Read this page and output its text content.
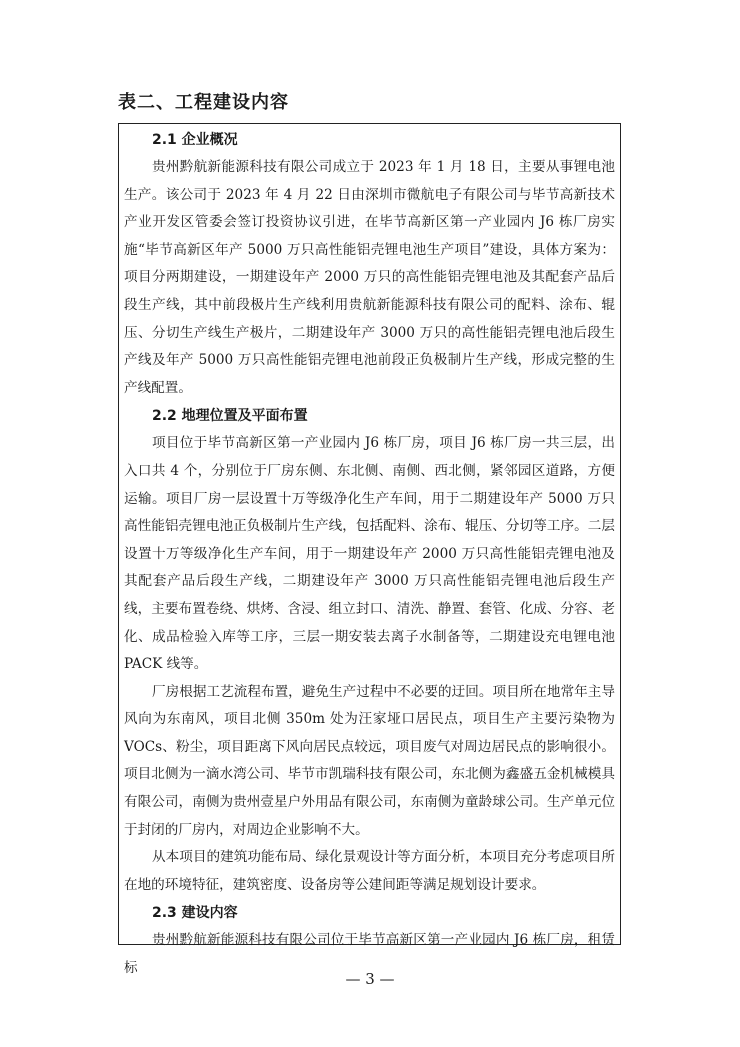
表二、工程建设内容
2.1 企业概况

贵州黔航新能源科技有限公司成立于 2023 年 1 月 18 日，主要从事锂电池生产。该公司于 2023 年 4 月 22 日由深圳市微航电子有限公司与毕节高新技术产业开发区管委会签订投资协议引进，在毕节高新区第一产业园内 J6 栋厂房实施“毕节高新区年产 5000 万只高性能铝壳锂电池生产项目”建设，具体方案为：项目分两期建设，一期建设年产 2000 万只的高性能铝壳锂电池及其配套产品后段生产线，其中前段极片生产线利用贵航新能源科技有限公司的配料、涂布、辊压、分切生产线生产极片，二期建设年产 3000 万只的高性能铝壳锂电池后段生产线及年产 5000 万只高性能铝壳锂电池前段正负极制片生产线，形成完整的生产线配置。

2.2 地理位置及平面布置

项目位于毕节高新区第一产业园内 J6 栋厂房，项目 J6 栋厂房一共三层，出入口共 4 个，分别位于厂房东侧、东北侧、南侧、西北侧，紧邻园区道路，方便运输。项目厂房一层设置十万等级净化生产车间，用于二期建设年产 5000 万只高性能铝壳锂电池正负极制片生产线，包括配料、涂布、辊压、分切等工序。二层设置十万等级净化生产车间，用于一期建设年产 2000 万只高性能铝壳锂电池及其配套产品后段生产线，二期建设年产 3000 万只高性能铝壳锂电池后段生产线，主要布置卷绕、烘烤、含浸、组立封口、清洗、静置、套管、化成、分容、老化、成品检验入库等工序，三层一期安装去离子水制备等，二期建设充电锂电池 PACK 线等。

厂房根据工艺流程布置，避免生产过程中不必要的迂回。项目所在地常年主导风向为东南风，项目北侧 350m 处为汪家垭口居民点，项目生产主要污染物为 VOCs、粉尘，项目距离下风向居民点较远，项目废气对周边居民点的影响很小。项目北侧为一滴水湾公司、毕节市凯瑞科技有限公司，东北侧为鑫盛五金机械模具有限公司，南侧为贵州壹星户外用品有限公司，东南侧为童龄球公司。生产单元位于封闭的厂房内，对周边企业影响不大。

从本项目的建筑功能布局、绿化景观设计等方面分析，本项目充分考虑项目所在地的环境特征，建筑密度、设备房等公建间距等满足规划设计要求。

2.3 建设内容

贵州黔航新能源科技有限公司位于毕节高新区第一产业园内 J6 栋厂房，租赁标

— 3 —
